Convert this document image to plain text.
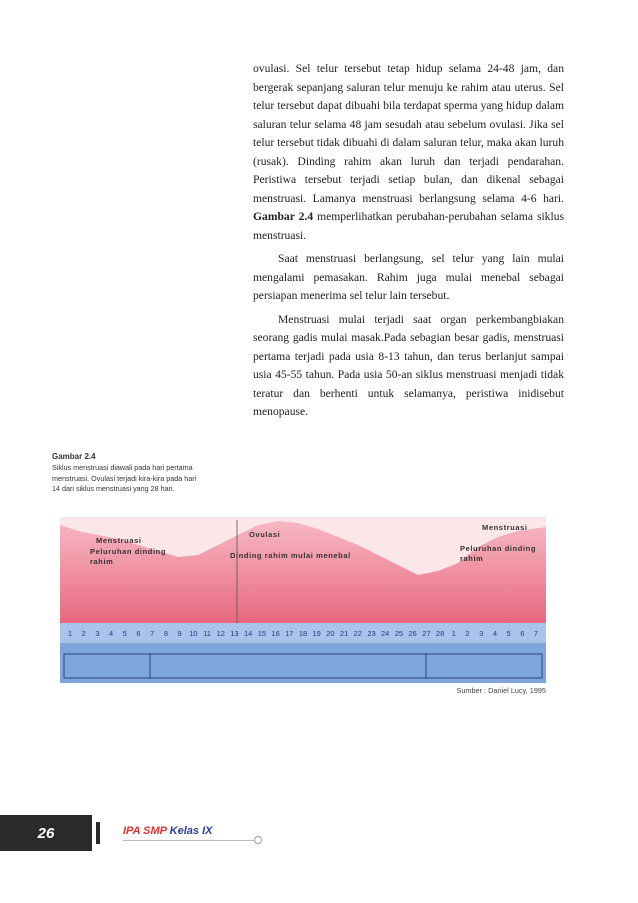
ovulasi. Sel telur tersebut tetap hidup selama 24-48 jam, dan bergerak sepanjang saluran telur menuju ke rahim atau uterus. Sel telur tersebut dapat dibuahi bila terdapat sperma yang hidup dalam saluran telur selama 48 jam sesudah atau sebelum ovulasi. Jika sel telur tersebut tidak dibuahi di dalam saluran telur, maka akan luruh (rusak). Dinding rahim akan luruh dan terjadi pendarahan. Peristiwa tersebut terjadi setiap bulan, dan dikenal sebagai menstruasi. Lamanya menstruasi berlangsung selama 4-6 hari. Gambar 2.4 memperlihatkan perubahan-perubahan selama siklus menstruasi.

Saat menstruasi berlangsung, sel telur yang lain mulai mengalami pemasakan. Rahim juga mulai menebal sebagai persiapan menerima sel telur lain tersebut.

Menstruasi mulai terjadi saat organ perkembangbiakan seorang gadis mulai masak.Pada sebagian besar gadis, menstruasi pertama terjadi pada usia 8-13 tahun, dan terus berlanjut sampai usia 45-55 tahun. Pada usia 50-an siklus menstruasi menjadi tidak teratur dan berhenti untuk selamanya, peristiwa inidisebut menopause.

Gambar 2.4
Siklus menstruasi diawali pada hari pertama menstruasi. Ovulasi terjadi kira-kira pada hari 14 dari siklus menstruasi yang 28 hari.
1 2 3 4 5 6 7 8 9 10 11 12 13 14 15 16 17 18 19 20 21 22 23 24 25 26 27 28 1 2 3 4 5 6 7
Menstruasi
Peluruhan dinding
rahim
Ovulasi
Dinding rahim mulai menebal
Menstruasi
Peluruhan dinding
rahim
Sumber : Daniel Lucy, 1995
26	IPA SMP Kelas IX
